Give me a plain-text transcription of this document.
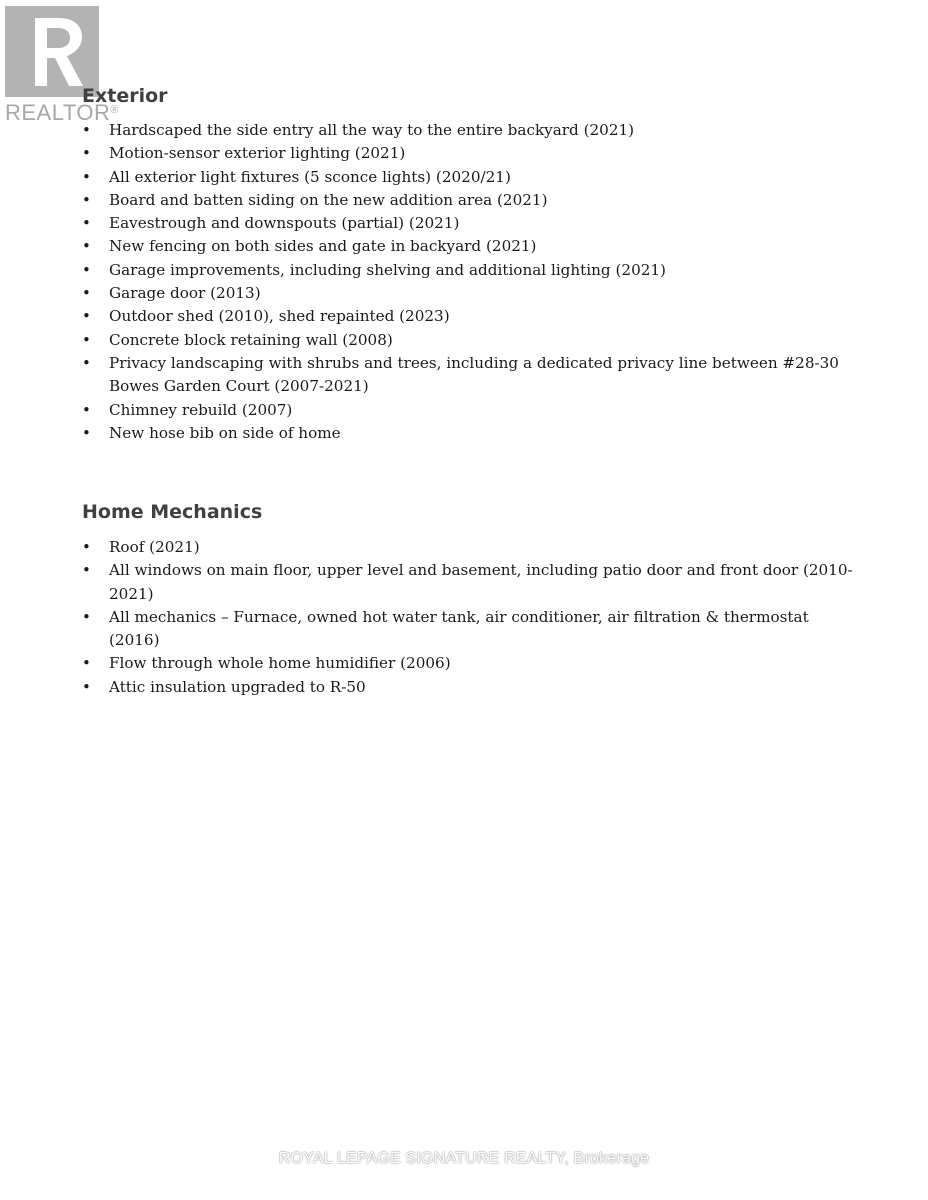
REALTOR®
Exterior
• Hardscaped the side entry all the way to the entire backyard (2021)
• Motion-sensor exterior lighting (2021)
• All exterior light fixtures (5 sconce lights) (2020/21)
• Board and batten siding on the new addition area (2021)
• Eavestrough and downspouts (partial) (2021)
• New fencing on both sides and gate in backyard (2021)
• Garage improvements, including shelving and additional lighting (2021)
• Garage door (2013)
• Outdoor shed (2010), shed repainted (2023)
• Concrete block retaining wall (2008)
• Privacy landscaping with shrubs and trees, including a dedicated privacy line between #28-30 Bowes Garden Court (2007-2021)
• Chimney rebuild (2007)
• New hose bib on side of home
Home Mechanics
• Roof (2021)
• All windows on main floor, upper level and basement, including patio door and front door (2010-2021)
• All mechanics – Furnace, owned hot water tank, air conditioner, air filtration & thermostat (2016)
• Flow through whole home humidifier (2006)
• Attic insulation upgraded to R-50
ROYAL LEPAGE SIGNATURE REALTY, Brokerage
